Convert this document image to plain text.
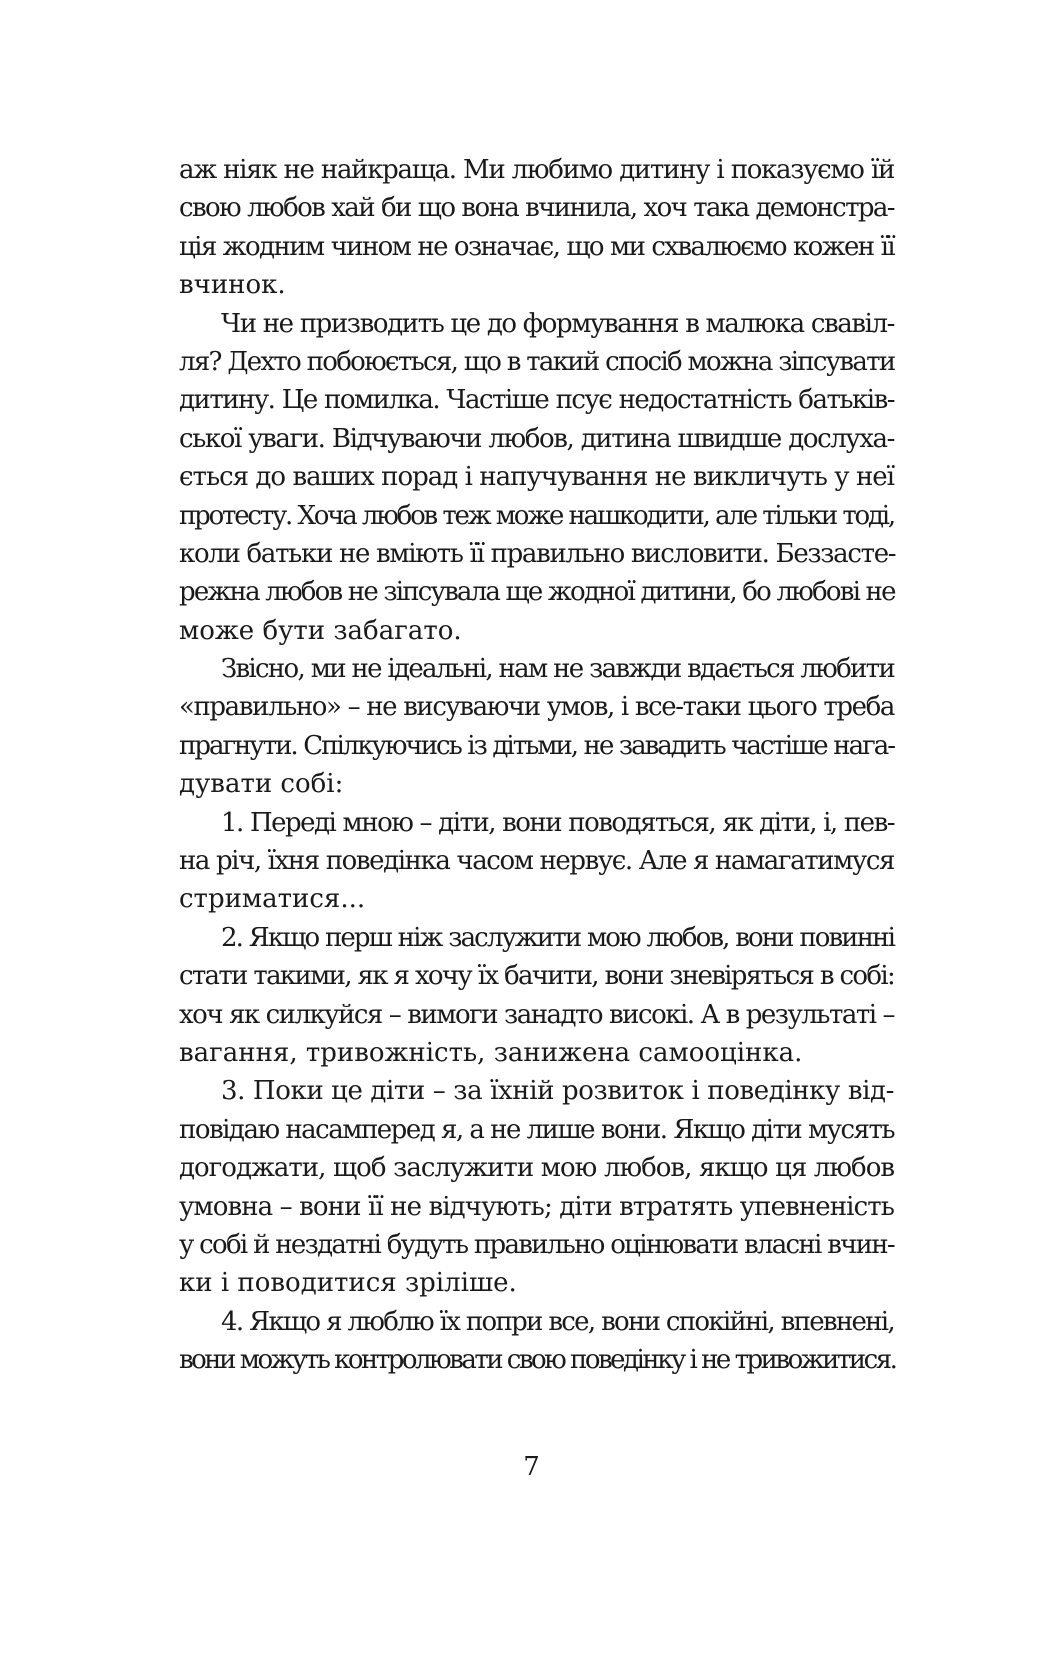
аж ніяк не найкраща. Ми любимо дитину і показуємо їй
свою любов хай би що вона вчинила, хоч така демонстра-
ція жодним чином не означає, що ми схвалюємо кожен її
вчинок.
Чи не призводить це до формування в малюка свавіл-
ля? Дехто побоюється, що в такий спосіб можна зіпсувати
дитину. Це помилка. Частіше псує недостатність батьків-
ської уваги. Відчуваючи любов, дитина швидше дослуха-
ється до ваших порад і напучування не викличуть у неї
протесту. Хоча любов теж може нашкодити, але тільки тоді,
коли батьки не вміють її правильно висловити. Беззасте-
режна любов не зіпсувала ще жодної дитини, бо любові не
може бути забагато.
Звісно, ми не ідеальні, нам не завжди вдається любити
«правильно» – не висуваючи умов, і все-таки цього треба
прагнути. Спілкуючись із дітьми, не завадить частіше нага-
дувати собі:
1. Переді мною – діти, вони поводяться, як діти, і, пев-
на річ, їхня поведінка часом нервує. Але я намагатимуся
стриматися...
2. Якщо перш ніж заслужити мою любов, вони повинні
стати такими, як я хочу їх бачити, вони зневіряться в собі:
хоч як силкуйся – вимоги занадто високі. А в результаті –
вагання, тривожність, занижена самооцінка.
3. Поки це діти – за їхній розвиток і поведінку від-
повідаю насамперед я, а не лише вони. Якщо діти мусять
догоджати, щоб заслужити мою любов, якщо ця любов
умовна – вони її не відчують; діти втратять упевненість
у собі й нездатні будуть правильно оцінювати власні вчин-
ки і поводитися зріліше.
4. Якщо я люблю їх попри все, вони спокійні, впевнені,
вони можуть контролювати свою поведінку і не тривожитися.
7
